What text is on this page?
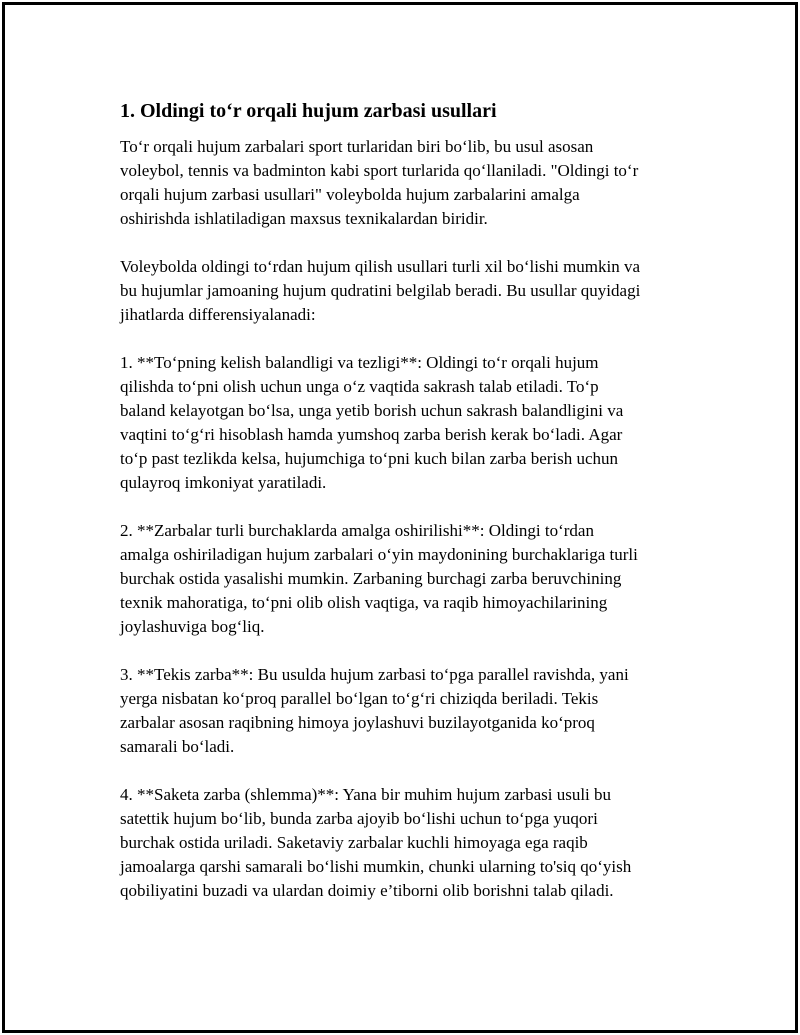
1. Oldingi to‘r orqali hujum zarbasi usullari

To‘r orqali hujum zarbalari sport turlaridan biri bo‘lib, bu usul asosan
voleybol, tennis va badminton kabi sport turlarida qo‘llaniladi. "Oldingi to‘r
orqali hujum zarbasi usullari" voleybolda hujum zarbalarini amalga
oshirishda ishlatiladigan maxsus texnikalardan biridir.

Voleybolda oldingi to‘rdan hujum qilish usullari turli xil bo‘lishi mumkin va
bu hujumlar jamoaning hujum qudratini belgilab beradi. Bu usullar quyidagi
jihatlarda differensiyalanadi:

1. **To‘pning kelish balandligi va tezligi**: Oldingi to‘r orqali hujum
qilishda to‘pni olish uchun unga o‘z vaqtida sakrash talab etiladi. To‘p
baland kelayotgan bo‘lsa, unga yetib borish uchun sakrash balandligini va
vaqtini to‘g‘ri hisoblash hamda yumshoq zarba berish kerak bo‘ladi. Agar
to‘p past tezlikda kelsa, hujumchiga to‘pni kuch bilan zarba berish uchun
qulayroq imkoniyat yaratiladi.

2. **Zarbalar turli burchaklarda amalga oshirilishi**: Oldingi to‘rdan
amalga oshiriladigan hujum zarbalari o‘yin maydonining burchaklariga turli
burchak ostida yasalishi mumkin. Zarbaning burchagi zarba beruvchining
texnik mahoratiga, to‘pni olib olish vaqtiga, va raqib himoyachilarining
joylashuviga bog‘liq.

3. **Tekis zarba**: Bu usulda hujum zarbasi to‘pga parallel ravishda, yani
yerga nisbatan ko‘proq parallel bo‘lgan to‘g‘ri chiziqda beriladi. Tekis
zarbalar asosan raqibning himoya joylashuvi buzilayotganida ko‘proq
samarali bo‘ladi.

4. **Saketa zarba (shlemma)**: Yana bir muhim hujum zarbasi usuli bu
satettik hujum bo‘lib, bunda zarba ajoyib bo‘lishi uchun to‘pga yuqori
burchak ostida uriladi. Saketaviy zarbalar kuchli himoyaga ega raqib
jamoalarga qarshi samarali bo‘lishi mumkin, chunki ularning to'siq qo‘yish
qobiliyatini buzadi va ulardan doimiy e’tiborni olib borishni talab qiladi.
